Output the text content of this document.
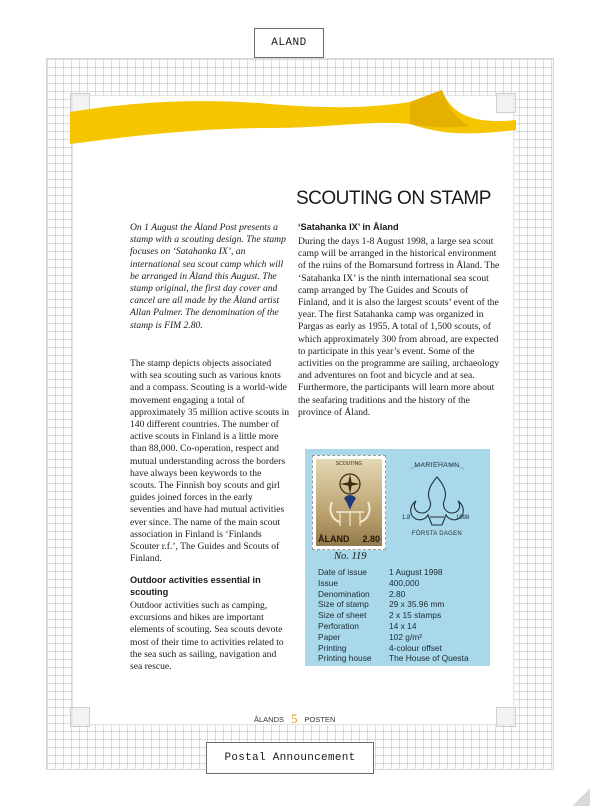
ALAND
SCOUTING ON STAMP
On 1 August the Åland Post presents a stamp with a scouting design. The stamp focuses on ‘Satahanka IX’, an international sea scout camp which will be arranged in Åland this August. The stamp original, the first day cover and cancel are all made by the Åland artist Allan Palmer. The denomination of the stamp is FIM 2.80.
The stamp depicts objects associated with sea scouting such as various knots and a compass. Scouting is a world-wide movement engaging a total of approximately 35 million active scouts in 140 different countries. The number of active scouts in Finland is a little more than 88,000. Co-operation, respect and mutual understanding across the borders have always been keywords to the scouts. The Finnish boy scouts and girl guides joined forces in the early seventies and have had mutual activities ever since. The name of the main scout association in Finland is ‘Finlands Scouter r.f.’, The Guides and Scouts of Finland.
Outdoor activities essential in scouting
Outdoor activities such as camping, excursions and hikes are important elements of scouting. Sea scouts devote most of their time to activities related to the sea such as sailing, navigation and sea rescue.
‘Satahanka IX’ in Åland
During the days 1-8 August 1998, a large sea scout camp will be arranged in the historical environment of the ruins of the Bomarsund fortress in Åland. The ‘Satahanka IX’ is the ninth international sea scout camp arranged by The Guides and Scouts of Finland, and it is also the largest scouts’ event of the year. The first Satahanka camp was organized in Pargas as early as 1955. A total of 1,500 scouts, of which approximately 300 from abroad, are expected to participate in this year’s event. Some of the activities on the programme are sailing, archaeology and adventures on foot and bicycle and at sea. Furthermore, the participants will learn more about the seafaring traditions and the history of the province of Åland.
SCOUTING
ÅLAND 2.80
No. 119
MARIEHAMN
1.8	1998
FÖRSTA DAGEN
Date of issue	1 August 1998
Issue	400,000
Denomination	2.80
Size of stamp	29 x 35.96 mm
Size of sheet	2 x 15 stamps
Perforation	14 x 14
Paper	102 g/m²
Printing	4-colour offset
Printing house	The House of Questa
ÅLANDS 5 POSTEN
Postal Announcement
